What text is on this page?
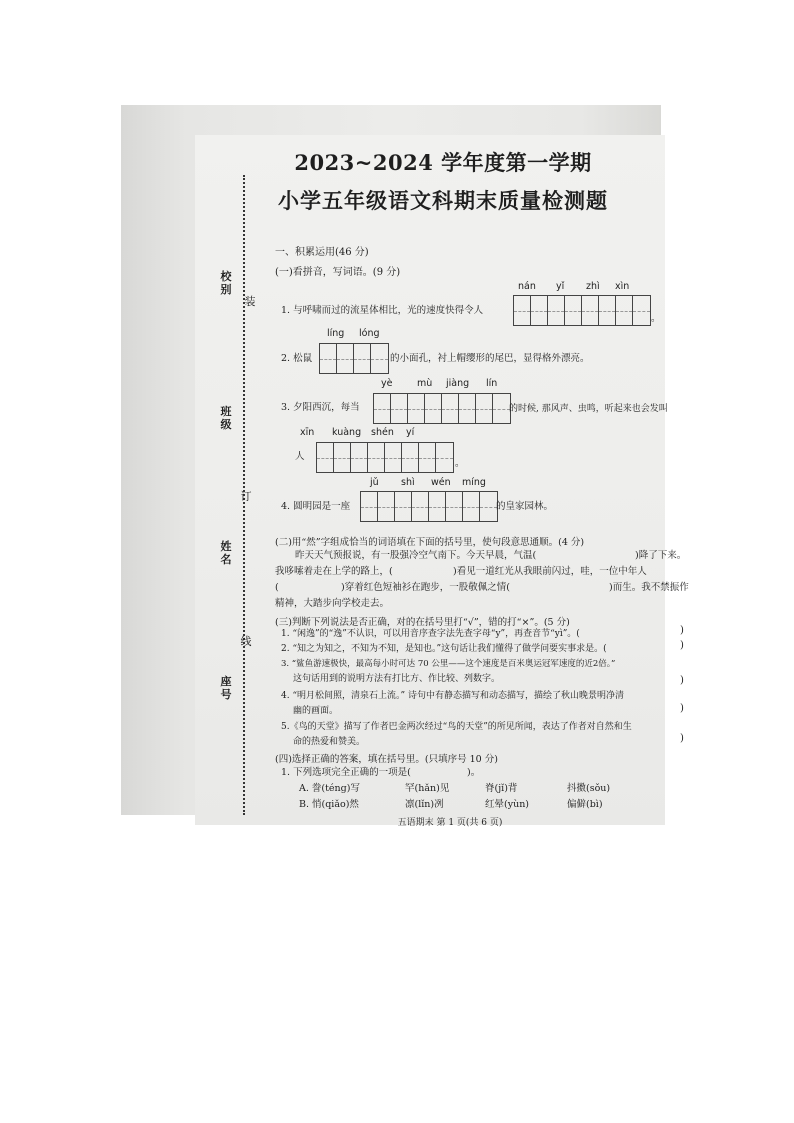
校别
装
班级
订
姓名
线
座号
2023~2024 学年度第一学期
小学五年级语文科期末质量检测题
一、积累运用(46 分)
(一)看拼音，写词语。(9 分)
nán yǐ zhì xìn
1. 与呼啸而过的流星体相比，光的速度快得令人
。
líng lóng
2. 松鼠	的小面孔，衬上帽缨形的尾巴，显得格外漂亮。
yè	mù jiàng lín
3. 夕阳西沉，每当	的时候, 那风声、虫鸣，听起来也会发叫
xīn kuàng shén yí
人
。
jǔ shì wén míng
4. 圆明园是一座	的皇家园林。
(二)用“然”字组成恰当的词语填在下面的括号里，使句段意思通顺。(4 分)
昨天天气预报说，有一股强冷空气南下。今天早晨，气温(	)降了下来。
我哆嗦着走在上学的路上，(	)看见一道红光从我眼前闪过，哇，一位中年人
(	)穿着红色短袖衫在跑步，一股敬佩之情(	)而生。我不禁振作
精神，大踏步向学校走去。
(三)判断下列说法是否正确，对的在括号里打“√”，错的打“×”。(5 分)
1. “闲逸”的“逸”不认识，可以用音序查字法先查字母“y”，再查音节“yì”。(	)
2. “知之为知之，不知为不知，是知也。”这句话让我们懂得了做学问要实事求是。(	)
3. “鲨鱼游速极快，最高每小时可达 70 公里——这个速度是百米奥运冠军速度的近2倍。”
这句话用到的说明方法有打比方、作比较、列数字。	)
4. “明月松间照，清泉石上流。” 诗句中有静态描写和动态描写，描绘了秋山晚景明净清
幽的画面。	)
5.《鸟的天堂》描写了作者巴金两次经过“鸟的天堂”的所见所闻，表达了作者对自然和生
命的热爱和赞美。	)
(四)选择正确的答案，填在括号里。(只填序号 10 分)
1. 下列选项完全正确的一项是(	)。
A. 誊(téng)写	罕(hǎn)见	脊(jǐ)背	抖擞(sǒu)
B. 悄(qiǎo)然	凛(lǐn)冽	红晕(yùn)	偏僻(bì)
五语期末 第 1 页(共 6 页)
